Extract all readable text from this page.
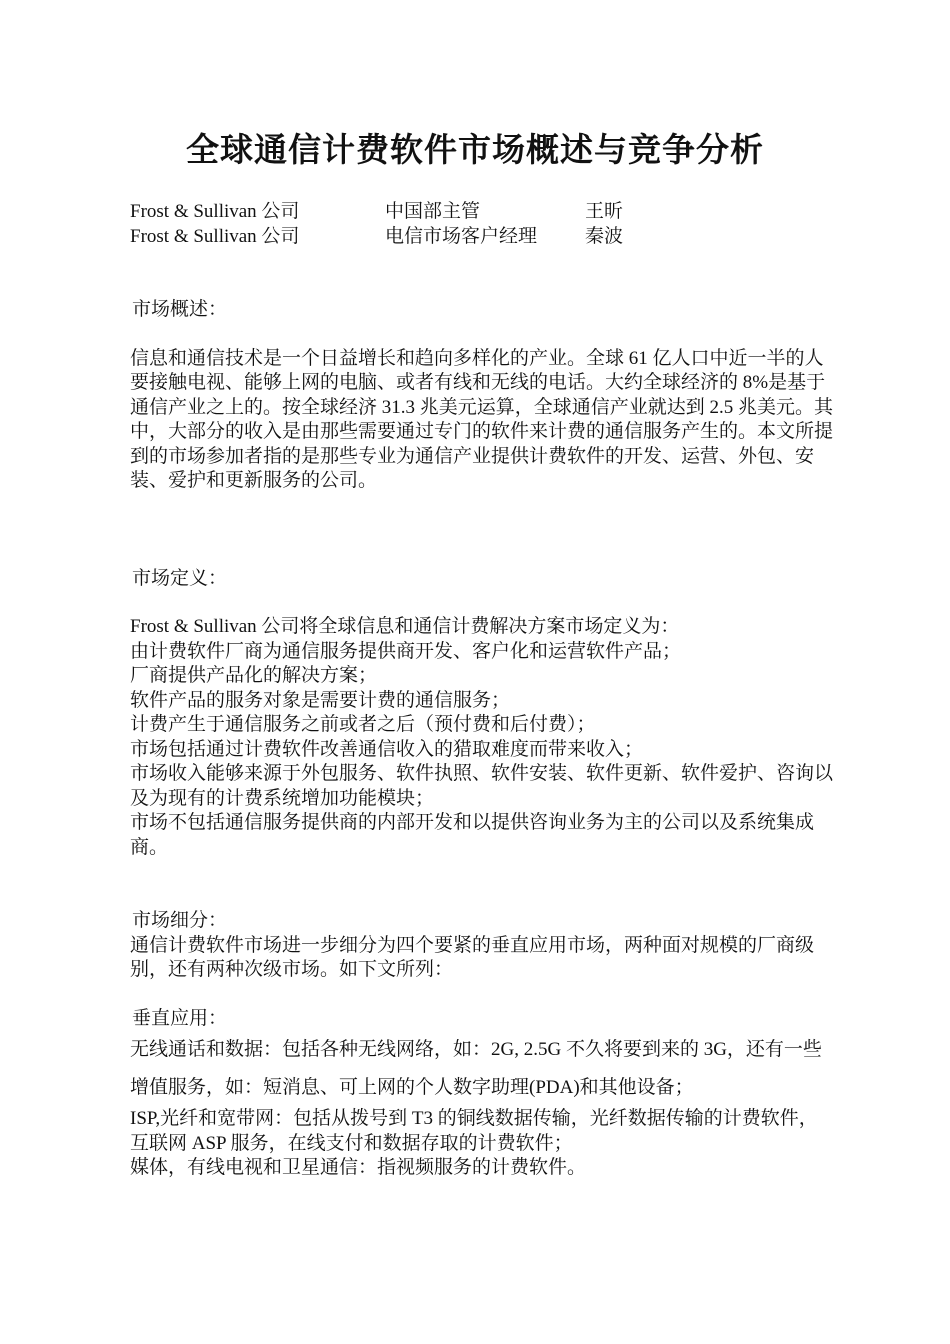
全球通信计费软件市场概述与竞争分析
Frost & Sullivan 公司	中国部主管	王昕
Frost & Sullivan 公司	电信市场客户经理	秦波

市场概述：

信息和通信技术是一个日益增长和趋向多样化的产业。全球 61 亿人口中近一半的人要接触电视、能够上网的电脑、或者有线和无线的电话。大约全球经济的 8%是基于通信产业之上的。按全球经济 31.3 兆美元运算，全球通信产业就达到 2.5 兆美元。其中，大部分的收入是由那些需要通过专门的软件来计费的通信服务产生的。本文所提到的市场参加者指的是那些专业为通信产业提供计费软件的开发、运营、外包、安装、爱护和更新服务的公司。

市场定义：

Frost & Sullivan 公司将全球信息和通信计费解决方案市场定义为：

由计费软件厂商为通信服务提供商开发、客户化和运营软件产品；

厂商提供产品化的解决方案；

软件产品的服务对象是需要计费的通信服务；

计费产生于通信服务之前或者之后（预付费和后付费）；

市场包括通过计费软件改善通信收入的猎取难度而带来收入；

市场收入能够来源于外包服务、软件执照、软件安装、软件更新、软件爱护、咨询以及为现有的计费系统增加功能模块；

市场不包括通信服务提供商的内部开发和以提供咨询业务为主的公司以及系统集成商。

市场细分：

通信计费软件市场进一步细分为四个要紧的垂直应用市场，两种面对规模的厂商级别，还有两种次级市场。如下文所列：

垂直应用：

无线通话和数据：包括各种无线网络，如：2G, 2.5G 不久将要到来的 3G，还有一些 增值服务，如：短消息、可上网的个人数字助理(PDA)和其他设备；

ISP,光纤和宽带网：包括从拨号到 T3 的铜线数据传输，光纤数据传输的计费软件，互联网 ASP 服务，在线支付和数据存取的计费软件；

媒体，有线电视和卫星通信：指视频服务的计费软件。
